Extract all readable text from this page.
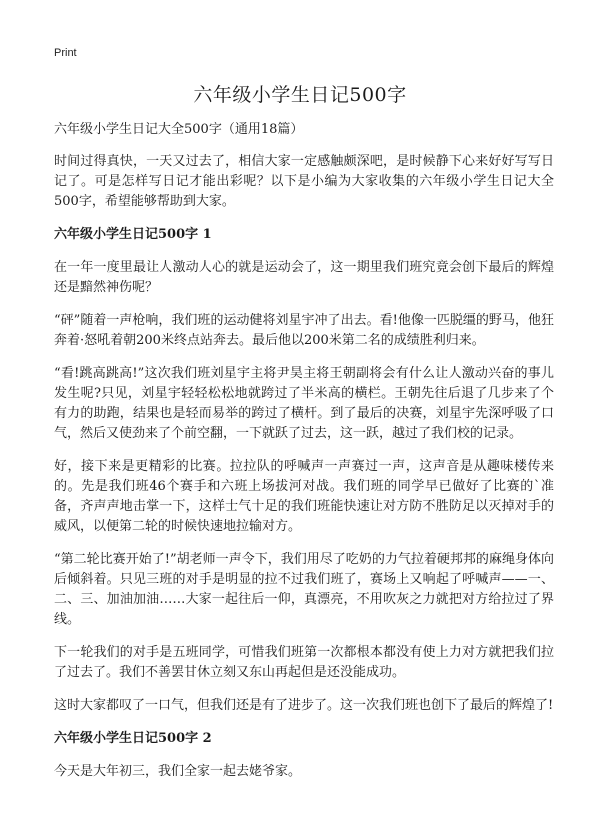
Print
六年级小学生日记500字

六年级小学生日记大全500字（通用18篇）

时间过得真快，一天又过去了，相信大家一定感触颇深吧，是时候静下心来好好写写日记了。可是怎样写日记才能出彩呢？以下是小编为大家收集的六年级小学生日记大全500字，希望能够帮助到大家。

六年级小学生日记500字 1

在一年一度里最让人激动人心的就是运动会了，这一期里我们班究竟会创下最后的辉煌还是黯然神伤呢？

“砰”随着一声枪响，我们班的运动健将刘星宇冲了出去。看!他像一匹脱缰的野马，他狂奔着·怒吼着朝200米终点站奔去。最后他以200米第二名的成绩胜利归来。

“看!跳高跳高!”这次我们班刘星宇主将尹昊主将王朝副将会有什么让人激动兴奋的事儿发生呢?只见，刘星宇轻轻松松地就跨过了半米高的横栏。王朝先往后退了几步来了个有力的助跑，结果也是轻而易举的跨过了横杆。到了最后的决赛，刘星宇先深呼吸了口气，然后又使劲来了个前空翻，一下就跃了过去，这一跃，越过了我们校的记录。

好，接下来是更精彩的比赛。拉拉队的呼喊声一声赛过一声，这声音是从趣味楼传来的。先是我们班46个赛手和六班上场拔河对战。我们班的同学早已做好了比赛的`准备，齐声声地击掌一下，这样士气十足的我们班能快速让对方防不胜防足以灭掉对手的威风，以便第二轮的时候快速地拉输对方。

“第二轮比赛开始了!”胡老师一声令下，我们用尽了吃奶的力气拉着硬邦邦的麻绳身体向后倾斜着。只见三班的对手是明显的拉不过我们班了，赛场上又响起了呼喊声——一、二、三、加油加油……大家一起往后一仰，真漂亮，不用吹灰之力就把对方给拉过了界线。

下一轮我们的对手是五班同学，可惜我们班第一次都根本都没有使上力对方就把我们拉了过去了。我们不善罢甘休立刻又东山再起但是还没能成功。

这时大家都叹了一口气，但我们还是有了进步了。这一次我们班也创下了最后的辉煌了!

六年级小学生日记500字 2

今天是大年初三，我们全家一起去姥爷家。
